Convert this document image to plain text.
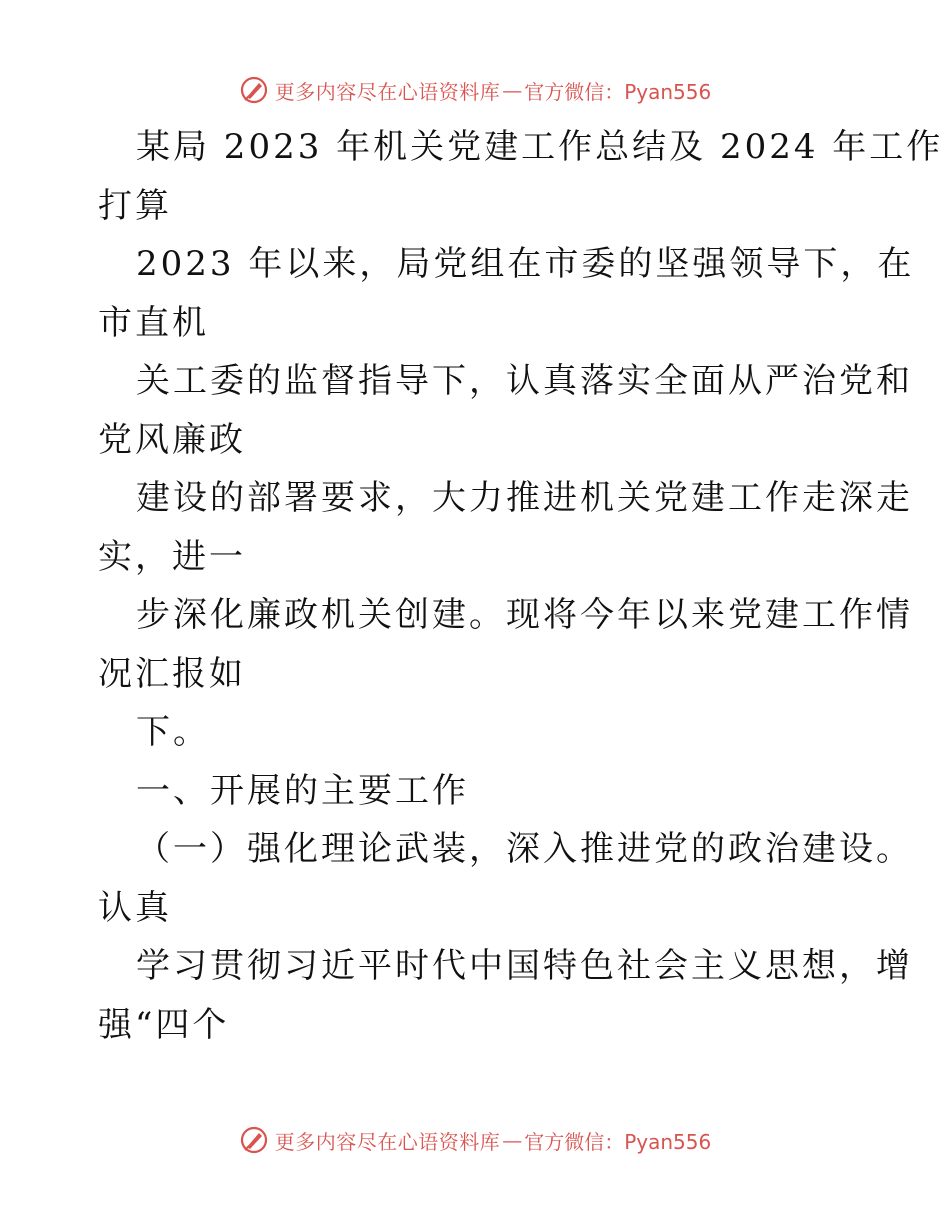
更多内容尽在心语资料库 — 官方微信：Pyan556
某局 2023 年机关党建工作总结及 2024 年工作
打算
2023 年以来，局党组在市委的坚强领导下，在
市直机
关工委的监督指导下，认真落实全面从严治党和
党风廉政
建设的部署要求，大力推进机关党建工作走深走
实，进一
步深化廉政机关创建。现将今年以来党建工作情
况汇报如
下。
一、开展的主要工作
（一）强化理论武装，深入推进党的政治建设。
认真
学习贯彻习近平时代中国特色社会主义思想，增
强“四个
更多内容尽在心语资料库 — 官方微信：Pyan556
